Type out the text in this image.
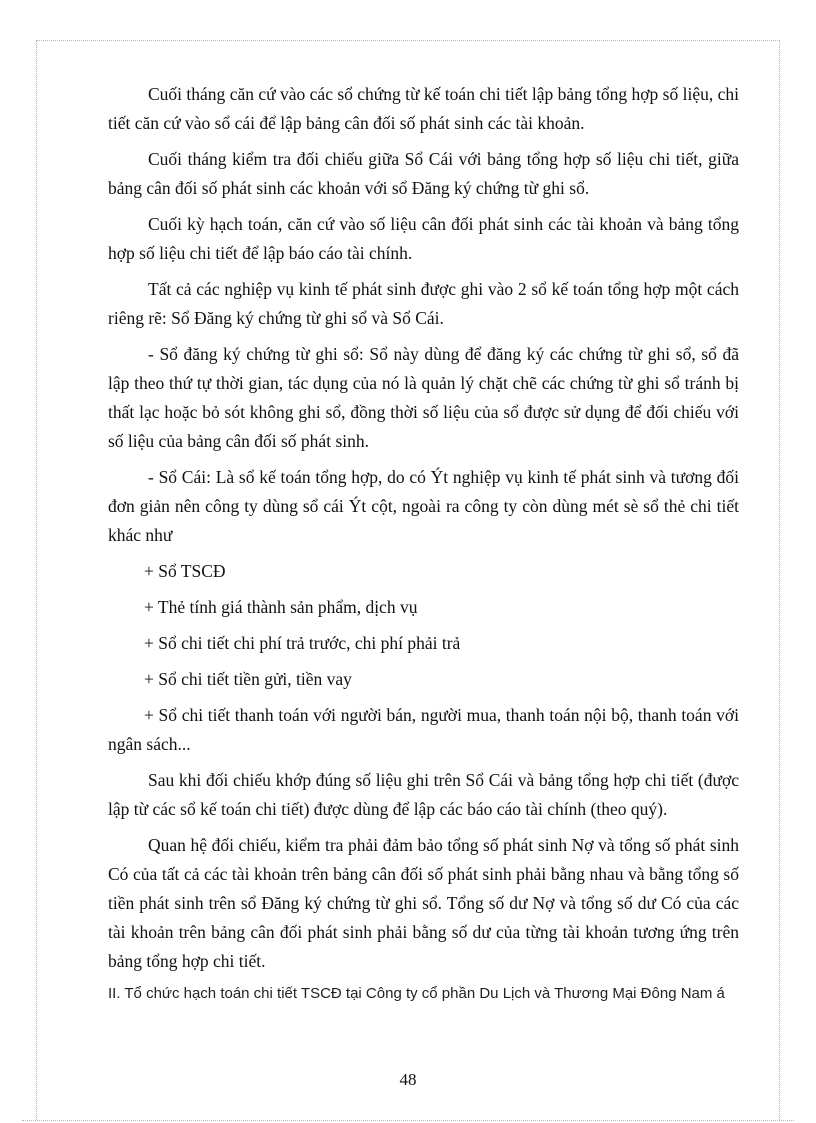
Cuối tháng căn cứ vào các sổ chứng từ kế toán chi tiết lập bảng tổng hợp số liệu, chi tiết căn cứ vào sổ cái để lập bảng cân đối số phát sinh các tài khoản.

Cuối tháng kiểm tra đối chiếu giữa Sổ Cái với bảng tổng hợp số liệu chi tiết, giữa bảng cân đối số phát sinh các khoản với sổ Đăng ký chứng từ ghi sổ.

Cuối kỳ hạch toán, căn cứ vào số liệu cân đối phát sinh các tài khoản và bảng tổng hợp số liệu chi tiết để lập báo cáo tài chính.

Tất cả các nghiệp vụ kinh tế phát sinh được ghi vào 2 sổ kế toán tổng hợp một cách riêng rẽ: Sổ Đăng ký chứng từ ghi sổ và Sổ Cái.

- Sổ đăng ký chứng từ ghi sổ: Sổ này dùng để đăng ký các chứng từ ghi sổ, sổ đã lập theo thứ tự thời gian, tác dụng của nó là quản lý chặt chẽ các chứng từ ghi sổ tránh bị thất lạc hoặc bỏ sót không ghi sổ, đồng thời số liệu của sổ được sử dụng để đối chiếu với số liệu của bảng cân đối số phát sinh.

- Sổ Cái: Là sổ kế toán tổng hợp, do có Ýt nghiệp vụ kinh tế phát sinh và tương đối đơn giản nên công ty dùng sổ cái Ýt cột, ngoài ra công ty còn dùng mét sè sổ thẻ chi tiết khác như

+ Sổ TSCĐ

+ Thẻ tính giá thành sản phẩm, dịch vụ

+ Sổ chi tiết chi phí trả trước, chi phí phải trả

+ Sổ chi tiết tiền gửi, tiền vay

+ Sổ chi tiết thanh toán với người bán, người mua, thanh toán nội bộ, thanh toán với ngân sách...

Sau khi đối chiếu khớp đúng số liệu ghi trên Sổ Cái và bảng tổng hợp chi tiết (được lập từ các sổ kế toán chi tiết) được dùng để lập các báo cáo tài chính (theo quý).

Quan hệ đối chiếu, kiểm tra phải đảm bảo tổng số phát sinh Nợ và tổng số phát sinh Có của tất cả các tài khoản trên bảng cân đối số phát sinh phải bằng nhau và bằng tổng số tiền phát sinh trên sổ Đăng ký chứng từ ghi sổ. Tổng số dư Nợ và tổng số dư Có của các tài khoản trên bảng cân đối phát sinh phải bằng số dư của từng tài khoản tương ứng trên bảng tổng hợp chi tiết.

II. Tổ chức hạch toán chi tiết TSCĐ tại Công ty cổ phần Du Lịch và Thương Mại Đông Nam á

48
